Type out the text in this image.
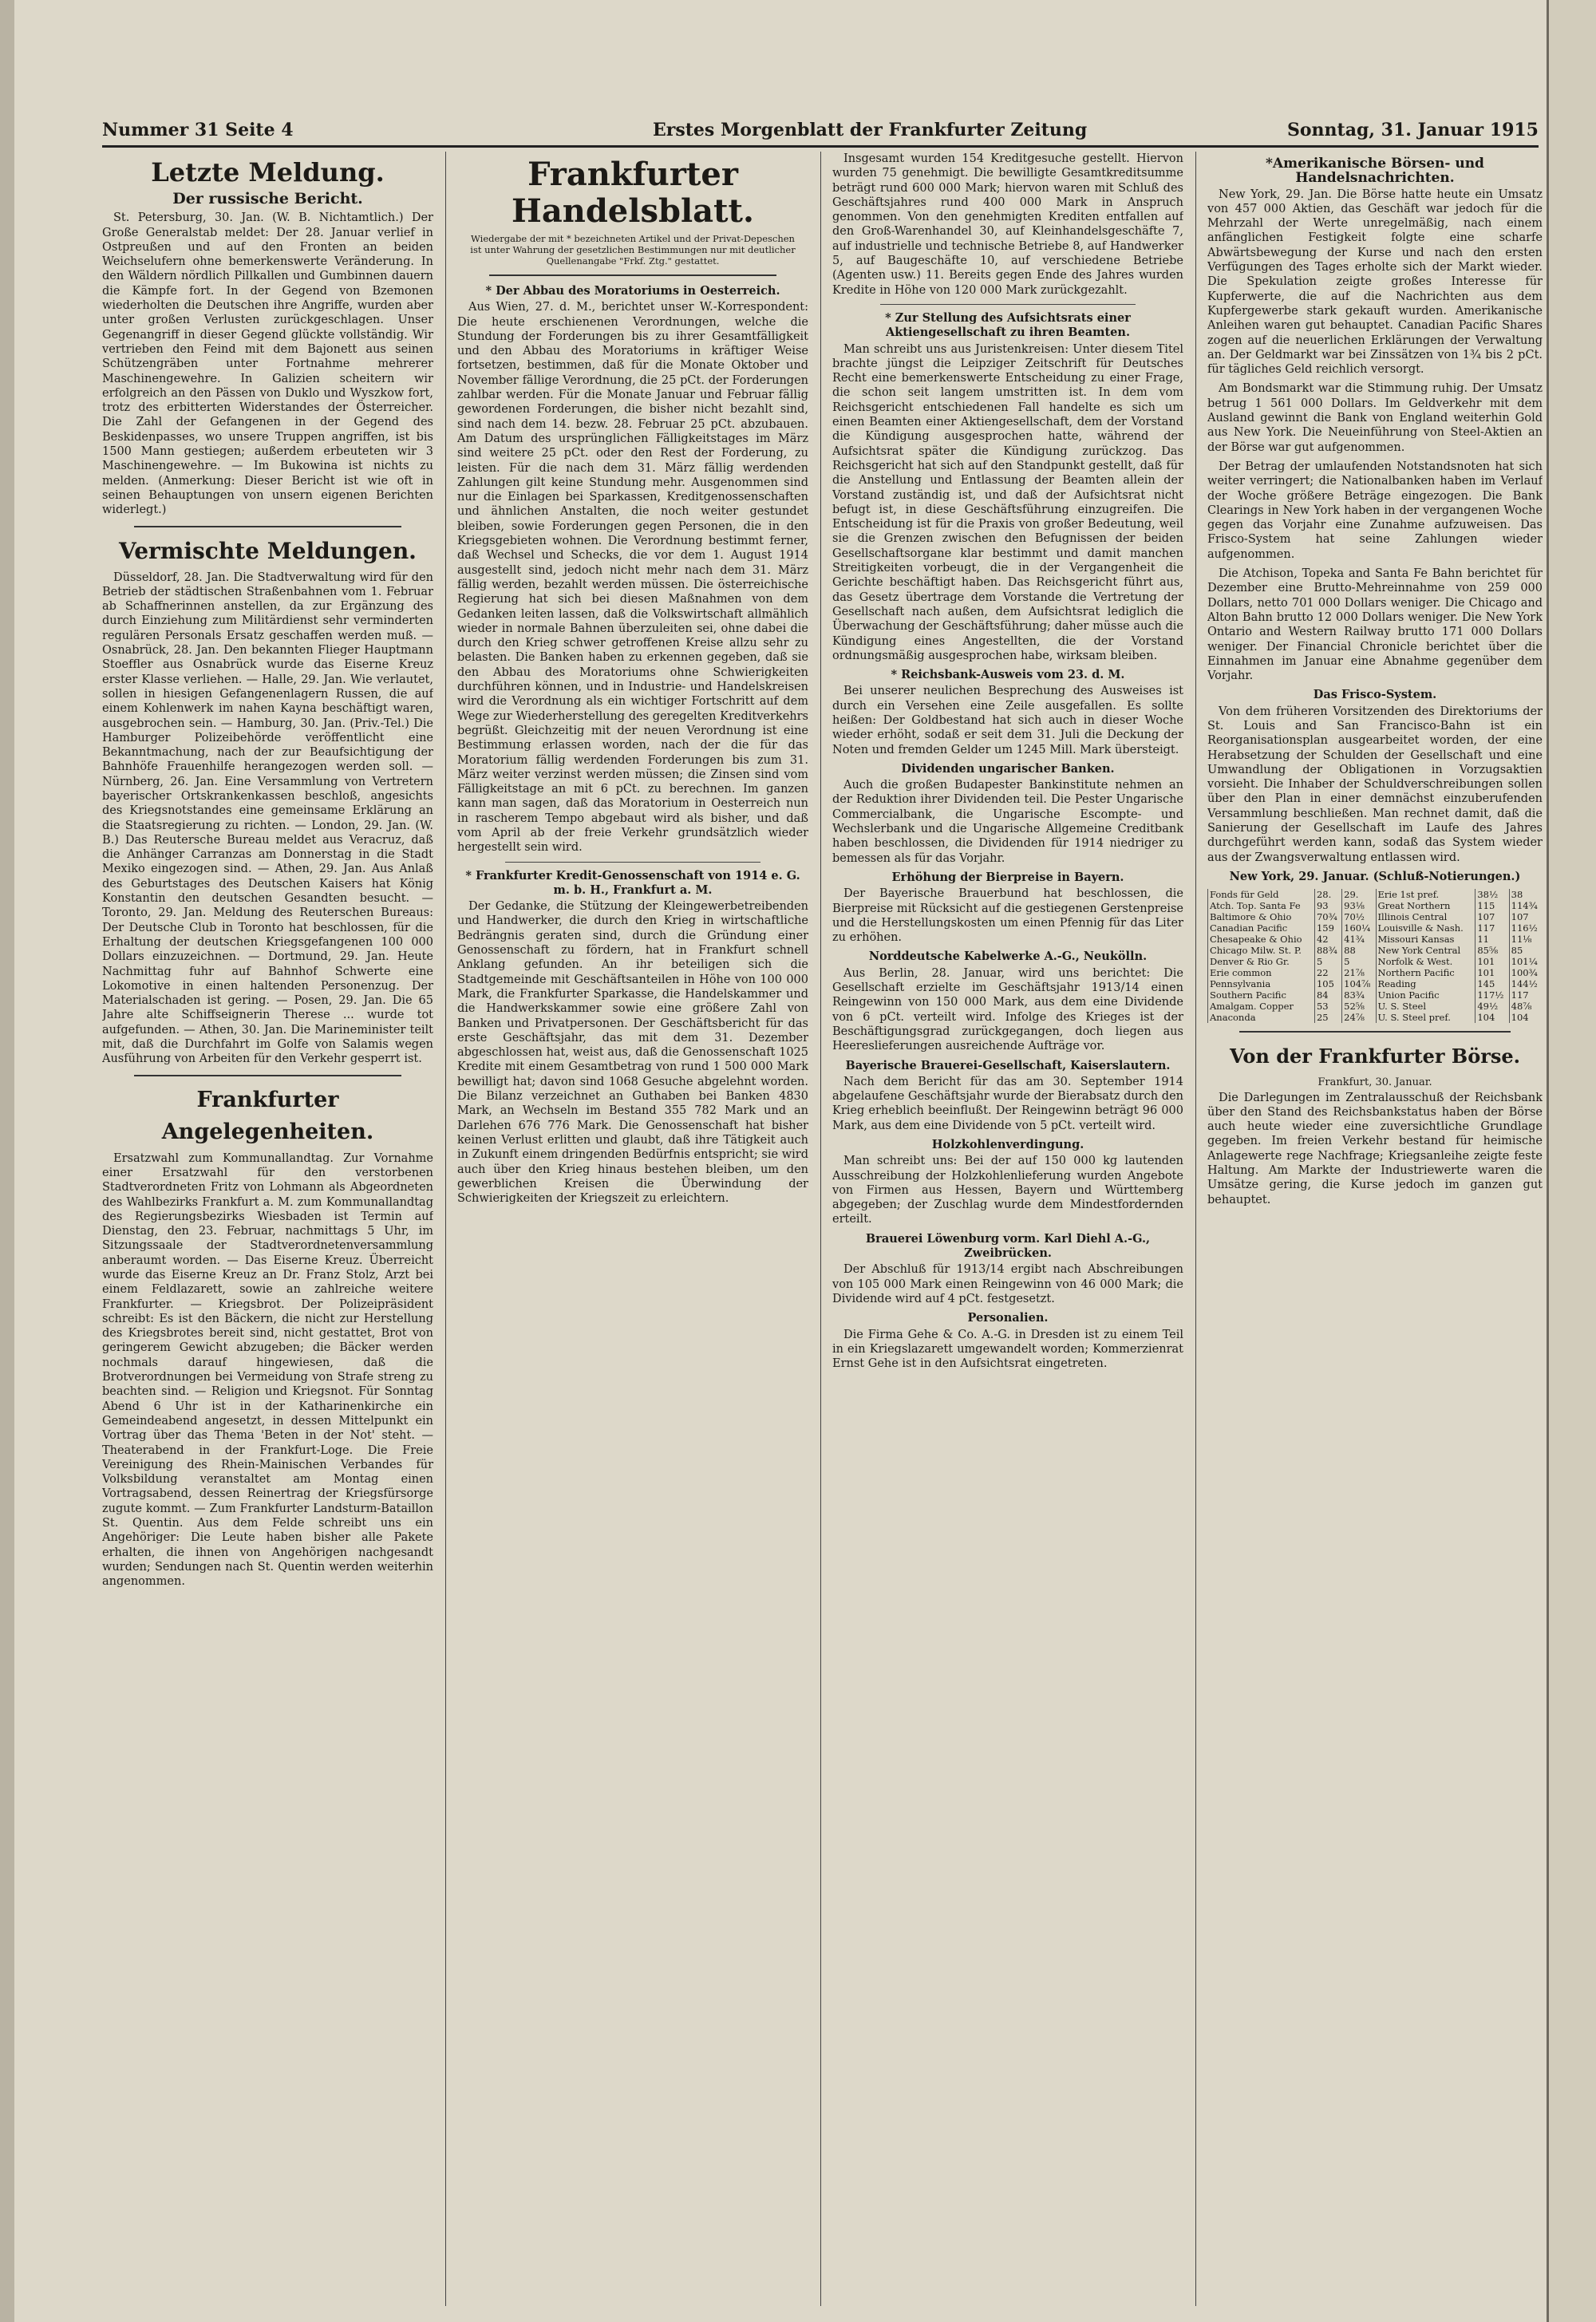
Nummer 31 Seite 4	Erstes Morgenblatt der Frankfurter Zeitung	Sonntag, 31. Januar 1915
Letzte Meldung.
Der russische Bericht.

St. Petersburg, 30. Jan. (W. B. Nichtamtlich.) Der Große Generalstab meldet: Der 28. Januar verlief in Ostpreußen und auf den Fronten an beiden Weichselufern ohne bemerkenswerte Veränderung. In den Wäldern nördlich Pillkallen und Gumbinnen dauern die Kämpfe fort. In der Gegend von Bzemonen wiederholten die Deutschen ihre Angriffe, wurden aber unter großen Verlusten zurückgeschlagen. Unser Gegenangriff in dieser Gegend glückte vollständig. Wir vertrieben den Feind mit dem Bajonett aus seinen Schützengräben unter Fortnahme mehrerer Maschinengewehre. In Galizien scheitern wir erfolgreich an den Pässen von Duklo und Wyszkow fort, trotz des erbitterten Widerstandes der Österreicher. Die Zahl der Gefangenen in der Gegend des Beskidenpasses, wo unsere Truppen angriffen, ist bis 1500 Mann gestiegen; außerdem erbeuteten wir 3 Maschinengewehre. — Im Bukowina ist nichts zu melden. (Anmerkung: Dieser Bericht ist wie oft in seinen Behauptungen von unsern eigenen Berichten widerlegt.)

Vermischte Meldungen.

Düsseldorf, 28. Jan. Die Stadtverwaltung wird für den Betrieb der städtischen Straßenbahnen vom 1. Februar ab Schaffnerinnen anstellen, da zur Ergänzung des durch Einziehung zum Militärdienst sehr verminderten regulären Personals Ersatz geschaffen werden muß. — Osnabrück, 28. Jan. Den bekannten Flieger Hauptmann Stoeffler aus Osnabrück wurde das Eiserne Kreuz erster Klasse verliehen. — Halle, 29. Jan. Wie verlautet, sollen in hiesigen Gefangenenlagern Russen, die auf einem Kohlenwerk im nahen Kayna beschäftigt waren, ausgebrochen sein. — Hamburg, 30. Jan. (Priv.-Tel.) Die Hamburger Polizeibehörde veröffentlicht eine Bekanntmachung, nach der zur Beaufsichtigung der Bahnhöfe Frauenhilfe herangezogen werden soll. — Nürnberg, 26. Jan. Eine Versammlung von Vertretern bayerischer Ortskrankenkassen beschloß, angesichts des Kriegsnotstandes eine gemeinsame Erklärung an die Staatsregierung zu richten. — London, 29. Jan. (W. B.) Das Reutersche Bureau meldet aus Veracruz, daß die Anhänger Carranzas am Donnerstag in die Stadt Mexiko eingezogen sind. — Athen, 29. Jan. Aus Anlaß des Geburtstages des Deutschen Kaisers hat König Konstantin den deutschen Gesandten besucht. — Toronto, 29. Jan. Meldung des Reuterschen Bureaus: Der Deutsche Club in Toronto hat beschlossen, für die Erhaltung der deutschen Kriegsgefangenen 100 000 Dollars einzuzeichnen. — Dortmund, 29. Jan. Heute Nachmittag fuhr auf Bahnhof Schwerte eine Lokomotive in einen haltenden Personenzug. Der Materialschaden ist gering. — Posen, 29. Jan. Die 65 Jahre alte Schiffseignerin Therese ... wurde tot aufgefunden. — Athen, 30. Jan. Die Marineminister teilt mit, daß die Durchfahrt im Golfe von Salamis wegen Ausführung von Arbeiten für den Verkehr gesperrt ist.

Frankfurter Angelegenheiten.

Ersatzwahl zum Kommunallandtag. Zur Vornahme einer Ersatzwahl für den verstorbenen Stadtverordneten Fritz von Lohmann als Abgeordneten des Wahlbezirks Frankfurt a. M. zum Kommunallandtag des Regierungsbezirks Wiesbaden ist Termin auf Dienstag, den 23. Februar, nachmittags 5 Uhr, im Sitzungssaale der Stadtverordnetenversammlung anberaumt worden. — Das Eiserne Kreuz. Überreicht wurde das Eiserne Kreuz an Dr. Franz Stolz, Arzt bei einem Feldlazarett, sowie an zahlreiche weitere Frankfurter. — Kriegsbrot. Der Polizeipräsident schreibt: Es ist den Bäckern, die nicht zur Herstellung des Kriegsbrotes bereit sind, nicht gestattet, Brot von geringerem Gewicht abzugeben; die Bäcker werden nochmals darauf hingewiesen, daß die Brotverordnungen bei Vermeidung von Strafe streng zu beachten sind. — Religion und Kriegsnot. Für Sonntag Abend 6 Uhr ist in der Katharinenkirche ein Gemeindeabend angesetzt, in dessen Mittelpunkt ein Vortrag über das Thema 'Beten in der Not' steht. — Theaterabend in der Frankfurt-Loge. Die Freie Vereinigung des Rhein-Mainischen Verbandes für Volksbildung veranstaltet am Montag einen Vortragsabend, dessen Reinertrag der Kriegsfürsorge zugute kommt. — Zum Frankfurter Landsturm-Bataillon St. Quentin. Aus dem Felde schreibt uns ein Angehöriger: Die Leute haben bisher alle Pakete erhalten, die ihnen von Angehörigen nachgesandt wurden; Sendungen nach St. Quentin werden weiterhin angenommen.

Frankfurter Handelsblatt.
Wiedergabe der mit * bezeichneten Artikel und der Privat-Depeschen ist unter Wahrung der gesetzlichen Bestimmungen nur mit deutlicher Quellenangabe "Frkf. Ztg." gestattet.
* Der Abbau des Moratoriums in Oesterreich.

Aus Wien, 27. d. M., berichtet unser W.-Korrespondent: Die heute erschienenen Verordnungen, welche die Stundung der Forderungen bis zu ihrer Gesamtfälligkeit und den Abbau des Moratoriums in kräftiger Weise fortsetzen, bestimmen, daß für die Monate Oktober und November fällige Verordnung, die 25 pCt. der Forderungen zahlbar werden. Für die Monate Januar und Februar fällig gewordenen Forderungen, die bisher nicht bezahlt sind, sind nach dem 14. bezw. 28. Februar 25 pCt. abzubauen. Am Datum des ursprünglichen Fälligkeitstages im März sind weitere 25 pCt. oder den Rest der Forderung, zu leisten. Für die nach dem 31. März fällig werdenden Zahlungen gilt keine Stundung mehr. Ausgenommen sind nur die Einlagen bei Sparkassen, Kreditgenossenschaften und ähnlichen Anstalten, die noch weiter gestundet bleiben, sowie Forderungen gegen Personen, die in den Kriegsgebieten wohnen. Die Verordnung bestimmt ferner, daß Wechsel und Schecks, die vor dem 1. August 1914 ausgestellt sind, jedoch nicht mehr nach dem 31. März fällig werden, bezahlt werden müssen. Die österreichische Regierung hat sich bei diesen Maßnahmen von dem Gedanken leiten lassen, daß die Volkswirtschaft allmählich wieder in normale Bahnen überzuleiten sei, ohne dabei die durch den Krieg schwer getroffenen Kreise allzu sehr zu belasten. Die Banken haben zu erkennen gegeben, daß sie den Abbau des Moratoriums ohne Schwierigkeiten durchführen können, und in Industrie- und Handelskreisen wird die Verordnung als ein wichtiger Fortschritt auf dem Wege zur Wiederherstellung des geregelten Kreditverkehrs begrüßt. Gleichzeitig mit der neuen Verordnung ist eine Bestimmung erlassen worden, nach der die für das Moratorium fällig werdenden Forderungen bis zum 31. März weiter verzinst werden müssen; die Zinsen sind vom Fälligkeitstage an mit 6 pCt. zu berechnen. Im ganzen kann man sagen, daß das Moratorium in Oesterreich nun in rascherem Tempo abgebaut wird als bisher, und daß vom April ab der freie Verkehr grundsätzlich wieder hergestellt sein wird.

* Frankfurter Kredit-Genossenschaft von 1914 e. G. m. b. H., Frankfurt a. M.

Der Gedanke, die Stützung der Kleingewerbetreibenden und Handwerker, die durch den Krieg in wirtschaftliche Bedrängnis geraten sind, durch die Gründung einer Genossenschaft zu fördern, hat in Frankfurt schnell Anklang gefunden. An ihr beteiligen sich die Stadtgemeinde mit Geschäftsanteilen in Höhe von 100 000 Mark, die Frankfurter Sparkasse, die Handelskammer und die Handwerkskammer sowie eine größere Zahl von Banken und Privatpersonen. Der Geschäftsbericht für das erste Geschäftsjahr, das mit dem 31. Dezember abgeschlossen hat, weist aus, daß die Genossenschaft 1025 Kredite mit einem Gesamtbetrag von rund 1 500 000 Mark bewilligt hat; davon sind 1068 Gesuche abgelehnt worden. Die Bilanz verzeichnet an Guthaben bei Banken 4830 Mark, an Wechseln im Bestand 355 782 Mark und an Darlehen 676 776 Mark. Die Genossenschaft hat bisher keinen Verlust erlitten und glaubt, daß ihre Tätigkeit auch in Zukunft einem dringenden Bedürfnis entspricht; sie wird auch über den Krieg hinaus bestehen bleiben, um den gewerblichen Kreisen die Überwindung der Schwierigkeiten der Kriegszeit zu erleichtern.

Insgesamt wurden 154 Kreditgesuche gestellt. Hiervon wurden 75 genehmigt. Die bewilligte Gesamtkreditsumme beträgt rund 600 000 Mark; hiervon waren mit Schluß des Geschäftsjahres rund 400 000 Mark in Anspruch genommen. Von den genehmigten Krediten entfallen auf den Groß-Warenhandel 30, auf Kleinhandelsgeschäfte 7, auf industrielle und technische Betriebe 8, auf Handwerker 5, auf Baugeschäfte 10, auf verschiedene Betriebe (Agenten usw.) 11. Bereits gegen Ende des Jahres wurden Kredite in Höhe von 120 000 Mark zurückgezahlt.

* Zur Stellung des Aufsichtsrats einer Aktiengesellschaft zu ihren Beamten.

Man schreibt uns aus Juristenkreisen: Unter diesem Titel brachte jüngst die Leipziger Zeitschrift für Deutsches Recht eine bemerkenswerte Entscheidung zu einer Frage, die schon seit langem umstritten ist. In dem vom Reichsgericht entschiedenen Fall handelte es sich um einen Beamten einer Aktiengesellschaft, dem der Vorstand die Kündigung ausgesprochen hatte, während der Aufsichtsrat später die Kündigung zurückzog. Das Reichsgericht hat sich auf den Standpunkt gestellt, daß für die Anstellung und Entlassung der Beamten allein der Vorstand zuständig ist, und daß der Aufsichtsrat nicht befugt ist, in diese Geschäftsführung einzugreifen. Die Entscheidung ist für die Praxis von großer Bedeutung, weil sie die Grenzen zwischen den Befugnissen der beiden Gesellschaftsorgane klar bestimmt und damit manchen Streitigkeiten vorbeugt, die in der Vergangenheit die Gerichte beschäftigt haben. Das Reichsgericht führt aus, das Gesetz übertrage dem Vorstande die Vertretung der Gesellschaft nach außen, dem Aufsichtsrat lediglich die Überwachung der Geschäftsführung; daher müsse auch die Kündigung eines Angestellten, die der Vorstand ordnungsmäßig ausgesprochen habe, wirksam bleiben.

* Reichsbank-Ausweis vom 23. d. M.

Bei unserer neulichen Besprechung des Ausweises ist durch ein Versehen eine Zeile ausgefallen. Es sollte heißen: Der Goldbestand hat sich auch in dieser Woche wieder erhöht, sodaß er seit dem 31. Juli die Deckung der Noten und fremden Gelder um 1245 Mill. Mark übersteigt.

Dividenden ungarischer Banken.

Auch die großen Budapester Bankinstitute nehmen an der Reduktion ihrer Dividenden teil. Die Pester Ungarische Commercialbank, die Ungarische Escompte- und Wechslerbank und die Ungarische Allgemeine Creditbank haben beschlossen, die Dividenden für 1914 niedriger zu bemessen als für das Vorjahr.

Erhöhung der Bierpreise in Bayern.

Der Bayerische Brauerbund hat beschlossen, die Bierpreise mit Rücksicht auf die gestiegenen Gerstenpreise und die Herstellungskosten um einen Pfennig für das Liter zu erhöhen.

Norddeutsche Kabelwerke A.-G., Neukölln.

Aus Berlin, 28. Januar, wird uns berichtet: Die Gesellschaft erzielte im Geschäftsjahr 1913/14 einen Reingewinn von 150 000 Mark, aus dem eine Dividende von 6 pCt. verteilt wird. Infolge des Krieges ist der Beschäftigungsgrad zurückgegangen, doch liegen aus Heereslieferungen ausreichende Aufträge vor.

Bayerische Brauerei-Gesellschaft, Kaiserslautern.

Nach dem Bericht für das am 30. September 1914 abgelaufene Geschäftsjahr wurde der Bierabsatz durch den Krieg erheblich beeinflußt. Der Reingewinn beträgt 96 000 Mark, aus dem eine Dividende von 5 pCt. verteilt wird.

Holzkohlenverdingung.

Man schreibt uns: Bei der auf 150 000 kg lautenden Ausschreibung der Holzkohlenlieferung wurden Angebote von Firmen aus Hessen, Bayern und Württemberg abgegeben; der Zuschlag wurde dem Mindestfordernden erteilt.

Brauerei Löwenburg vorm. Karl Diehl A.-G., Zweibrücken.

Der Abschluß für 1913/14 ergibt nach Abschreibungen von 105 000 Mark einen Reingewinn von 46 000 Mark; die Dividende wird auf 4 pCt. festgesetzt.

Personalien.

Die Firma Gehe & Co. A.-G. in Dresden ist zu einem Teil in ein Kriegslazarett umgewandelt worden; Kommerzienrat Ernst Gehe ist in den Aufsichtsrat eingetreten.

*Amerikanische Börsen- und Handelsnachrichten.

New York, 29. Jan. Die Börse hatte heute ein Umsatz von 457 000 Aktien, das Geschäft war jedoch für die Mehrzahl der Werte unregelmäßig, nach einem anfänglichen Festigkeit folgte eine scharfe Abwärtsbewegung der Kurse und nach den ersten Verfügungen des Tages erholte sich der Markt wieder. Die Spekulation zeigte großes Interesse für Kupferwerte, die auf die Nachrichten aus dem Kupfergewerbe stark gekauft wurden. Amerikanische Anleihen waren gut behauptet. Canadian Pacific Shares zogen auf die neuerlichen Erklärungen der Verwaltung an. Der Geldmarkt war bei Zinssätzen von 1¾ bis 2 pCt. für tägliches Geld reichlich versorgt.

Am Bondsmarkt war die Stimmung ruhig. Der Umsatz betrug 1 561 000 Dollars. Im Geldverkehr mit dem Ausland gewinnt die Bank von England weiterhin Gold aus New York. Die Neueinführung von Steel-Aktien an der Börse war gut aufgenommen.

Der Betrag der umlaufenden Notstandsnoten hat sich weiter verringert; die Nationalbanken haben im Verlauf der Woche größere Beträge eingezogen. Die Bank Clearings in New York haben in der vergangenen Woche gegen das Vorjahr eine Zunahme aufzuweisen. Das Frisco-System hat seine Zahlungen wieder aufgenommen.

Die Atchison, Topeka and Santa Fe Bahn berichtet für Dezember eine Brutto-Mehreinnahme von 259 000 Dollars, netto 701 000 Dollars weniger. Die Chicago and Alton Bahn brutto 12 000 Dollars weniger. Die New York Ontario and Western Railway brutto 171 000 Dollars weniger. Der Financial Chronicle berichtet über die Einnahmen im Januar eine Abnahme gegenüber dem Vorjahr.

Das Frisco-System.

Von dem früheren Vorsitzenden des Direktoriums der St. Louis and San Francisco-Bahn ist ein Reorganisationsplan ausgearbeitet worden, der eine Herabsetzung der Schulden der Gesellschaft und eine Umwandlung der Obligationen in Vorzugsaktien vorsieht. Die Inhaber der Schuldverschreibungen sollen über den Plan in einer demnächst einzuberufenden Versammlung beschließen. Man rechnet damit, daß die Sanierung der Gesellschaft im Laufe des Jahres durchgeführt werden kann, sodaß das System wieder aus der Zwangsverwaltung entlassen wird.

New York, 29. Januar. (Schluß-Notierungen.)
Fonds für Geld	28.	29.	Erie 1st pref.	38½	38
Atch. Top. Santa Fe	93	93⅛	Great Northern	115	114¾
Baltimore & Ohio	70¾	70½	Illinois Central	107	107
Canadian Pacific	159	160¼	Louisville & Nash.	117	116½
Chesapeake & Ohio	42	41¾	Missouri Kansas	11	11⅛
Chicago Milw. St. P.	88¾	88	New York Central	85⅝	85
Denver & Rio Gr.	5	5	Norfolk & West.	101	101¼
Erie common	22	21⅞	Northern Pacific	101	100¾
Pennsylvania	105	104⅞	Reading	145	144½
Southern Pacific	84	83¾	Union Pacific	117½	117
Amalgam. Copper	53	52⅝	U. S. Steel	49½	48⅞
Anaconda	25	24⅞	U. S. Steel pref.	104	104
Von der Frankfurter Börse.
Frankfurt, 30. Januar.

Die Darlegungen im Zentralausschuß der Reichsbank über den Stand des Reichsbankstatus haben der Börse auch heute wieder eine zuversichtliche Grundlage gegeben. Im freien Verkehr bestand für heimische Anlagewerte rege Nachfrage; Kriegsanleihe zeigte feste Haltung. Am Markte der Industriewerte waren die Umsätze gering, die Kurse jedoch im ganzen gut behauptet.
